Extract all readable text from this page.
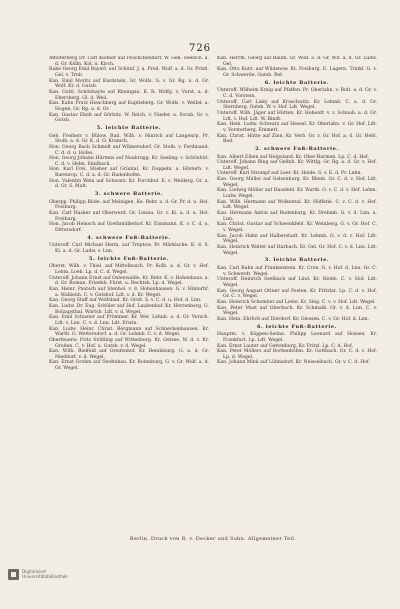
726

Affolterberg Dr. Carl Kollner auf Pöschchendorf. W. Gen. Seelsch. a. d. Gr. Kölln. Kol. u. Kirch.

Rahe Georg Emil Bayerl. auf Schönf. J. u. Pred. Wolf. a. d. Gr. Pristl. Gel. v. Trnb.

Kan. Emil Moritz auf Kurdstein, Gr. Wolfs. G. v. Gr. Rg. u. d. Gr. Wolf. Kr. d. Gutsb.

Kan. Gottl. Schönhayte auf Rheingau. K. R. Wolfg. v. Vorst. a. d. Ebersberg. Gl. d. Weil.

Kan. Kahn Prutz Hieschberg auf Kuptieberg. Gr. Wolfs. v. Welbd. a. Hogen. Gr. Rg. u. d. Gr.

Kan. Gustav Ebelt auf Görbitz. W. Reich. v. Nieder. a. Sorab. Gr. v. Gutsb.

5. leichte Batterie.

Geb. Freiherr v. Bülow, Rud. Wilh. v. Hinrich auf Langenrp. Pr. Stolb. a. d. Gr. K. d. O. Kranich.

Hon. Georg Bach Schmidt auf Wilmersdorf. Gr. Stolb. v. Ferdinand. C. d. d. u. Hofes.

Hon. Georg Johann Hürtens auf Neubrugg. Kr. Seeling. v. Schönhüt. C. d. v. Helm. Emilbach.

Hon. Karl Frei. Stieber auf Grüntal. Kr. Doppeln. a. Hinterh. v. Barenrop. C. d. a. d. Gr. Rudenhofen.

Hon. Valentin Wein auf Schwarz. Kr. Forchhof. E. v. Weiderg. Gr. a. d. Gr. S. Malt.

3. schwere Batterie.

Oberpp. Philipp Rüde. auf Meinigen. Ke. Bebr. a. d. Gr. Pr. d. u. Hol. Freiburg.

Kan. Carl Hasker auf Oberwerd. Gr. Lissau. Gr. v. Ki. a. d. u. Hol. Freiburg.

Hon. Jacob Heinsch auf Grethmüllerhof. Kr. Eissmann. K. v. C. d. u. Dittersdorf.

4. schwere Fuß-Batterie.

Unteroff. Carl Michael Herm. auf Treptow. Pr. Märkische. K. d. S. Ki. a. d. Gr. Ludw. v. Lnn.

5. leichte Fuß-Batterie.

Oberst. Wilh. v. Thiel. auf Mittelbusch. Pr. Kolb. a. d. Gr. v. Hof. Lehm. Loeb. Lp. d. C. d. Wegel.

Unteroff. Johann Ernst auf Ostenwalde. Kr. Bebr. K. v. Hohenhaus. a. d. Gr. Roman. Friedeb. Fürst. u. Rechtsb. Lp. d. Wegel.

Kan. Heinr. Pautsch auf Stenhol. v. d. Hohenhausen. G. v. Hinterhf. a. Wahlenh. C. v. Gutshof. Ldt. v. d. Kr. Wegel.

Kan. Georg Staff auf Wolfsbad. Kr. Groß. S. v. C. d. u. Hof. d. Lnn.

Kan. Ludw. Dr. Eug. Schüler auf Hof. Laubenhof. Kr. Herrenberg. G. Bolzapsthal. Wartsb. Ldt. v. d. Wegel.

Kan. Emil Schuster auf Prömmer. Kr. Wer. Lehnb. a. d. Gr. Vorsch. Ldt. v. Lnn. C. v. d. Lnn. Ldt. Erwin.

Kan. Ludw. Heinr. Christ. Bergmann auf Schneckenhausen. Kr. Wartb. G. Wettersdorf. a. d. Gr. Lehmb. C. v. d. Wegel.

Oberfeuerw. Fritz Stößling auf Wittenberg. Kr. Ostsee. W. d. v. Kr. Großen. C. v. Hof. u. Gutsb. v. d. Wegel.

Kan. Wilh. Bielfeld auf Greifenhof. Kr. Rendsburg. G. a. d. Gr. Nieddorf. v. d. Wegel.

Kan. Ernst Grohm auf Stedtehau. Kr. Rotenburg. G. v. Gr. Wolf. a. d. Gr. Wegel.

Kan. Herrm. Georg auf Baum. Gr. Wolf. a. d. Gr. Wit. a. d. Gr. Ludw. Gel.

Kan. Otto Kurz. auf Wildenow. Kr. Freiburg. E. Lagern. Trinkl. G. v. Gr. Schwerde. Gutsb. Bef.

6. leichte Batterie.

Unteroff. Wilhelm Kraig auf Pfaffen. Pr. Oberlahn. v. Rutl. a. d. Gr. v. C. d. Vorstein.

Unteroff. Carl Lisky auf Kroschwitz. Kr. Lehmb. C. a. d. Gr. Sternberg. Gutsb. W. v. Hof. Ldt. Wegel.

Unteroff. Wilh. Jäger auf Hütten. Kr. Hohenfr. v. v. Schnab. a. d. Gr. Ldt. v. Hof. Ldt. W. Bindt.

Kan. Hein. Ludw. Schwarz auf Hessel. Kr. Oberlahn. v. Gr. Hof. Ldt. v. Vorsterberg. Emmerl.

Kan. Christ. Hütte auf Zinn. Kr. Verb. Gr. v. Gr. Hof. a. d. Gr. Hehl. Bad.

2. schwere Fuß-Batterie.

Kan. Albert Eiben auf Helgoland. Kr. Ober-Barmen. Lp. C. d. Hof.

Unteroff. Johann Ring auf Gellnh. Kr. Wittlg. Gr. Rg. a. d. Gr. v. Hof. Ldt. Wegel.

Unteroff. Karl Strumpf auf Leer. Kr. Heide. S. v. E. d. Pr. Lehn.

Kan. Georg Müller auf Gelsenburg. Kr. Rhein. Gr. C. d. v. Hof. Ldt. Wegel.

Kan. Ludwig Möller auf Hassfeld. Kr. Wartb. G. v. C. d. v. Hof. Lehm. Ludw. Wegel.

Kan. Wilh. Hermann auf Wolkental. Kr. Hüffenb. C. v. C. d. v. Hof. Ldt. Wegel.

Kan. Hermann Anton auf Rudenburg. Kr. Drehmb. G. v. d. Lnn. a. Lnn.

Kan. Christ. Gustav auf Schwenkfeld. Kr. Weinberg. G. v. Gr. Hof. C. v. Wegel.

Kan. Jacob Hahn auf Halberstadt. Kr. Lehmb. G. v. d. v. Hof. Ldt. Wegel.

Kan. Heinrich Walter auf Harbach. Kr. Gel. Gr. Hof. C. v. d. Lnn. Ldt. Wegel.

3. leichte Batterie.

Kan. Carl Ruhn auf Frankenstein. Kr. Cron. G. v. Hof. d. Lnn. Gr. C. v. Schwerdt. Wegel.

Unteroff. Heinrich Seelbach auf Lind. Kr. Heide. C. v. Hof. Ldt. Wegel.

Kan. Georg August Ottner auf Festen. Kr. Fritzlar. Lp. C. d. v. Hof. Gr. C. v. Wegel.

Kan. Heinrich Schomber auf Liebe. Kr. Sieg. C. v. v. Hof. Ldt. Wegel.

Kan. Peter Mast auf Oberbach. Kr. Schmalk. Gr. v. d. Lnn. C. v. Wegel.

Kan. Hein. Ehrlich auf Dierdorf. Kr. Glessen. C. v. Gr. Hof. d. Lnn.

6. leichte Fuß-Batterie.

Hauptm. v. Köppen-Sedan. Philipp Leonard auf Hossen. Kr. Frankfurt. Lp. Ldt. Wegel.

Kan. Ernst Lauter auf Gettenburg. Kr. Fritzl. Lp. C. d. Hof.

Kan. Peter Möllers auf Borhenhöfen. Kr. Gottbach. Gr. C. d. v. Hof. Lp. d. Wegel.

Kan. Johann Mink auf Lühnsdorf. Kr. Neisselbach. Gr. v. C. d. Hof.

Berlin, Druck von R. v. Decker und Sohn. Allgemeiner Teil.
Digitalisiert
Universitätsbibliothek
